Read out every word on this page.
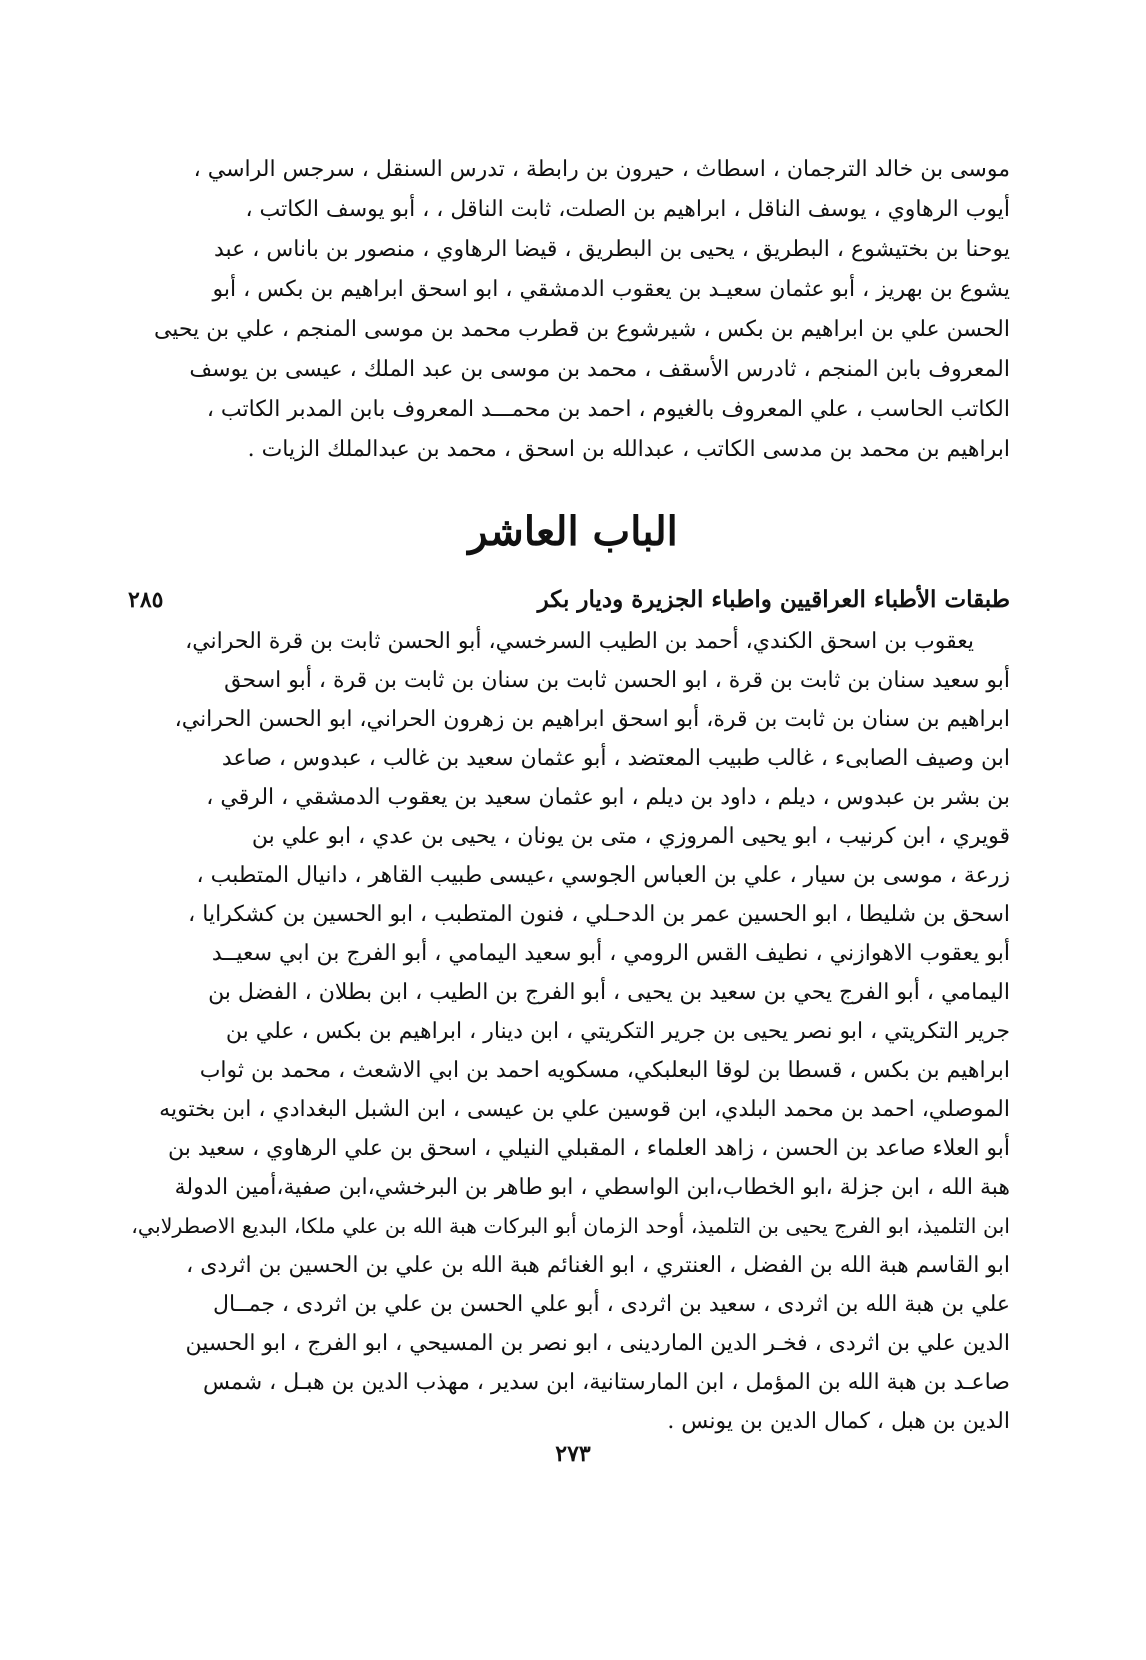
موسى بن خالد الترجمان ، اسطاث ، حيرون بن رابطة ، تدرس السنقل ، سرجس الراسي ،
أيوب الرهاوي ، يوسف الناقل ، ابراهيم بن الصلت، ثابت الناقل ، ، أبو يوسف الكاتب ،
يوحنا بن بختيشوع ، البطريق ، يحيى بن البطريق ، قيضا الرهاوي ، منصور بن باناس ، عبد
يشوع بن بهريز ، أبو عثمان سعيـد بن يعقوب الدمشقي ، ابو اسحق ابراهيم بن بكس ، أبو
الحسن علي بن ابراهيم بن بكس ، شيرشوع بن قطرب محمد بن موسى المنجم ، علي بن يحيى
المعروف بابن المنجم ، ثادرس الأسقف ، محمد بن موسى بن عبد الملك ، عيسى بن يوسف
الكاتب الحاسب ، علي المعروف بالغيوم ، احمد بن محمـــد المعروف بابن المدبر الكاتب ،
ابراهيم بن محمد بن مدسى الكاتب ، عبدالله بن اسحق ، محمد بن عبدالملك الزيات .
الباب العاشر
٢٨٥	طبقات الأطباء العراقيين واطباء الجزيرة وديار بكر
يعقوب بن اسحق الكندي، أحمد بن الطيب السرخسي، أبو الحسن ثابت بن قرة الحراني،
أبو سعيد سنان بن ثابت بن قرة ، ابو الحسن ثابت بن سنان بن ثابت بن قرة ، أبو اسحق
ابراهيم بن سنان بن ثابت بن قرة، أبو اسحق ابراهيم بن زهرون الحراني، ابو الحسن الحراني،
ابن وصيف الصابىء ، غالب طبيب المعتضد ، أبو عثمان سعيد بن غالب ، عبدوس ، صاعد
بن بشر بن عبدوس ، ديلم ، داود بن ديلم ، ابو عثمان سعيد بن يعقوب الدمشقي ، الرقي ،
قويري ، ابن كرنيب ، ابو يحيى المروزي ، متى بن يونان ، يحيى بن عدي ، ابو علي بن
زرعة ، موسى بن سيار ، علي بن العباس الجوسي ،عيسى طبيب القاهر ، دانيال المتطبب ،
اسحق بن شليطا ، ابو الحسين عمر بن الدحـلي ، فنون المتطبب ، ابو الحسين بن كشكرايا ،
أبو يعقوب الاهوازني ، نطيف القس الرومي ، أبو سعيد اليمامي ، أبو الفرج بن ابي سعيــد
اليمامي ، أبو الفرج يحي بن سعيد بن يحيى ، أبو الفرج بن الطيب ، ابن بطلان ، الفضل بن
جرير التكريتي ، ابو نصر يحيى بن جرير التكريتي ، ابن دينار ، ابراهيم بن بكس ، علي بن
ابراهيم بن بكس ، قسطا بن لوقا البعلبكي، مسكويه احمد بن ابي الاشعث ، محمد بن ثواب
الموصلي، احمد بن محمد البلدي، ابن قوسين علي بن عيسى ، ابن الشبل البغدادي ، ابن بختويه
أبو العلاء صاعد بن الحسن ، زاهد العلماء ، المقبلي النيلي ، اسحق بن علي الرهاوي ، سعيد بن
هبة الله ، ابن جزلة ،ابو الخطاب،ابن الواسطي ، ابو طاهر بن البرخشي،ابن صفية،أمين الدولة
ابن التلميذ، ابو الفرج يحيى بن التلميذ، أوحد الزمان أبو البركات هبة الله بن علي ملكا، البديع الاصطرلابي،
ابو القاسم هبة الله بن الفضل ، العنتري ، ابو الغنائم هبة الله بن علي بن الحسين بن اثردى ،
علي بن هبة الله بن اثردى ، سعيد بن اثردى ، أبو علي الحسن بن علي بن اثردى ، جمــال
الدين علي بن اثردى ، فخـر الدين الماردينى ، ابو نصر بن المسيحي ، ابو الفرج ، ابو الحسين
صاعـد بن هبة الله بن المؤمل ، ابن المارستانية، ابن سدير ، مهذب الدين بن هبـل ، شمس
الدين بن هبل ، كمال الدين بن يونس .
٢٧٣
